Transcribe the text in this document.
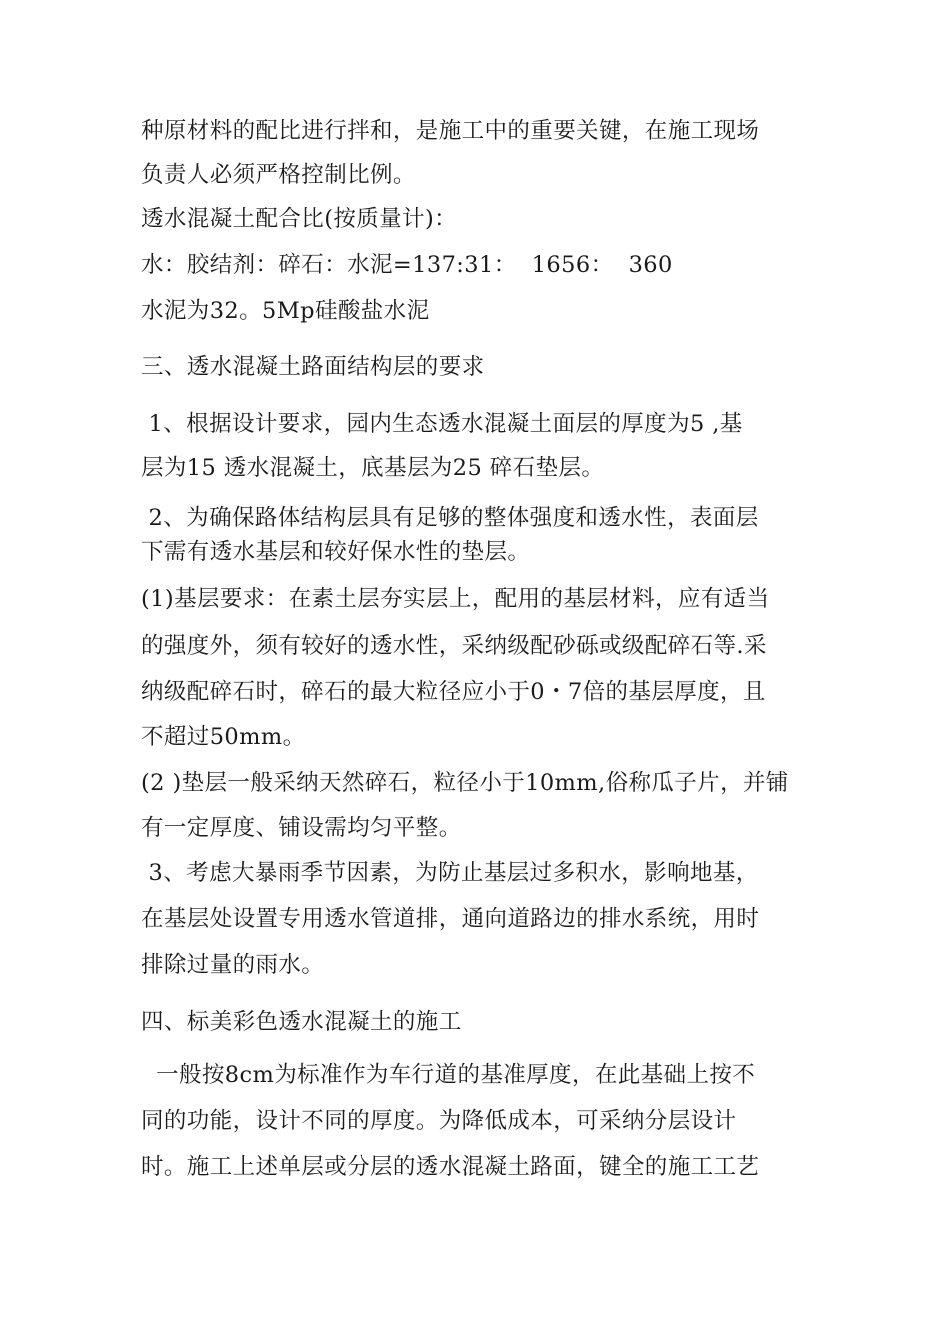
种原材料的配比进行拌和，是施工中的重要关键，在施工现场
负责人必须严格控制比例。
透水混凝土配合比(按质量计)：
水：胶结剂：碎石：水泥=137:31：  1656：  360
水泥为32。5Mp硅酸盐水泥
三、透水混凝土路面结构层的要求
1、根据设计要求，园内生态透水混凝土面层的厚度为5 ,基
层为15 透水混凝土，底基层为25 碎石垫层。
2、为确保路体结构层具有足够的整体强度和透水性，表面层
下需有透水基层和较好保水性的垫层。
(1)基层要求：在素土层夯实层上，配用的基层材料，应有适当
的强度外，须有较好的透水性，采纳级配砂砾或级配碎石等.采
纳级配碎石时，碎石的最大粒径应小于0・7倍的基层厚度，且
不超过50mm。
(2 )垫层一般采纳天然碎石，粒径小于10mm,俗称瓜子片，并铺
有一定厚度、铺设需均匀平整。
3、考虑大暴雨季节因素，为防止基层过多积水，影响地基，
在基层处设置专用透水管道排，通向道路边的排水系统，用时
排除过量的雨水。
四、标美彩色透水混凝土的施工
一般按8cm为标准作为车行道的基准厚度，在此基础上按不
同的功能，设计不同的厚度。为降低成本，可采纳分层设计
时。施工上述单层或分层的透水混凝土路面，键全的施工工艺
